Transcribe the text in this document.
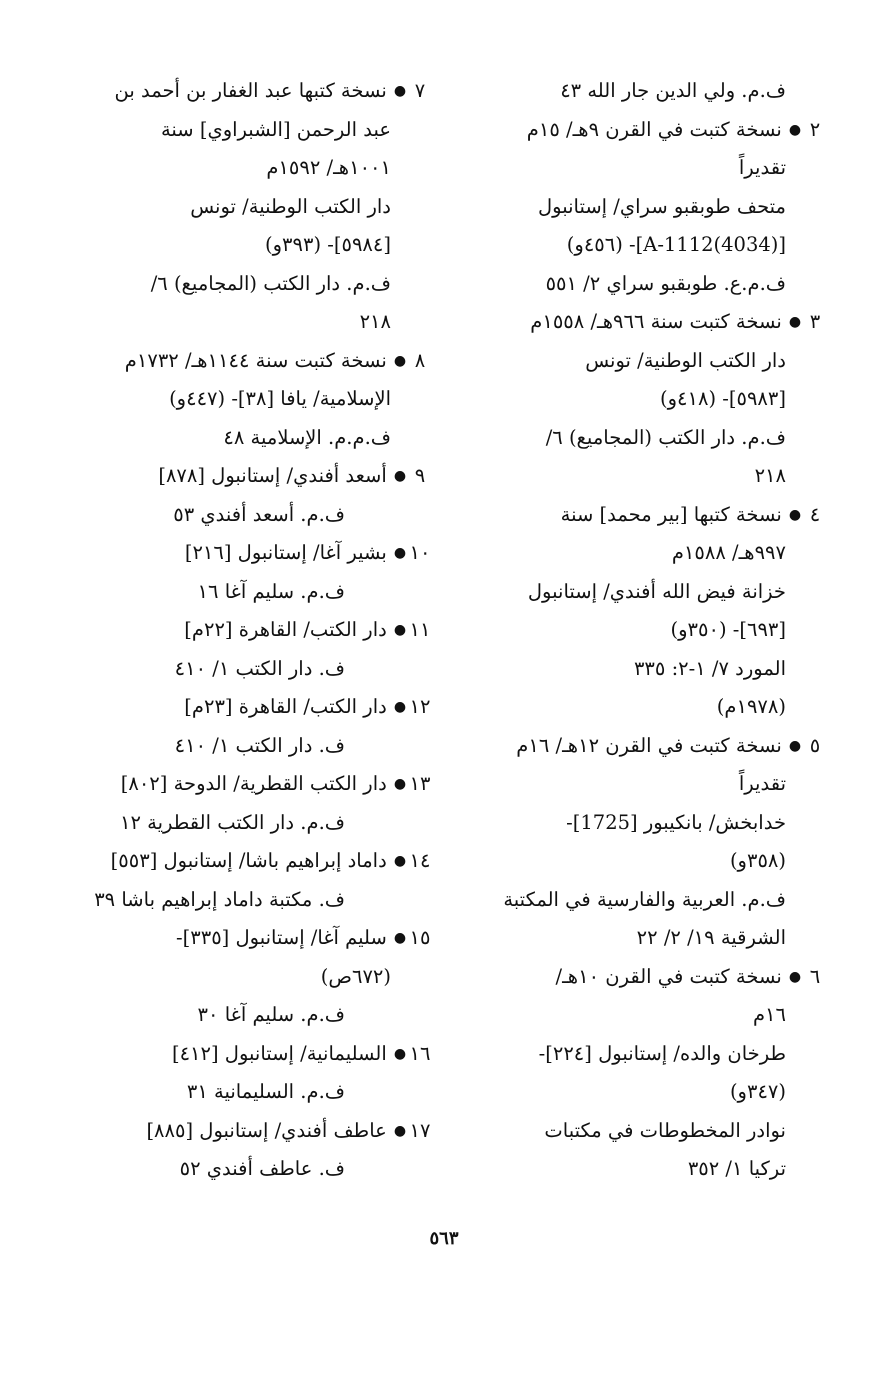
ف.م. ولي الدين جار الله ٤٣
٢
●

نسخة كتبت في القرن ٩هـ/ ١٥م
تقديراً
متحف طوبقبو سراي/ إستانبول
[A-1112(4034)]- (٤٥٦و)
ف.م.ع. طوبقبو سراي ٢/ ٥٥١
٣
●

نسخة كتبت سنة ٩٦٦هـ/ ١٥٥٨م
دار الكتب الوطنية/ تونس
[٥٩٨٣]- (٤١٨و)
ف.م. دار الكتب (المجاميع) ٦/
٢١٨
٤
●

نسخة كتبها [بير محمد] سنة
٩٩٧هـ/ ١٥٨٨م
خزانة فيض الله أفندي/ إستانبول
[٦٩٣]- (٣٥٠و)
المورد ٧/ ١-٢: ٣٣٥
(١٩٧٨م)
٥
●

نسخة كتبت في القرن ١٢هـ/ ١٦م
تقديراً
خدابخش/ بانكيبور [1725]-
(٣٥٨و)
ف.م. العربية والفارسية في المكتبة
الشرقية ١٩/ ٢/ ٢٢
٦
●

نسخة كتبت في القرن ١٠هـ/
١٦م
طرخان والده/ إستانبول [٢٢٤]-
(٣٤٧و)
نوادر المخطوطات في مكتبات
تركيا ١/ ٣٥٢
٧
●

نسخة كتبها عبد الغفار بن أحمد بن
عبد الرحمن [الشبراوي] سنة
١٠٠١هـ/ ١٥٩٢م
دار الكتب الوطنية/ تونس
[٥٩٨٤]- (٣٩٣و)
ف.م. دار الكتب (المجاميع) ٦/
٢١٨
٨
●

نسخة كتبت سنة ١١٤٤هـ/ ١٧٣٢م
الإسلامية/ يافا [٣٨]- (٤٤٧و)
ف.م.م. الإسلامية ٤٨
٩
●

أسعد أفندي/ إستانبول [٨٧٨]
ف.م. أسعد أفندي ٥٣
١٠
●

بشير آغا/ إستانبول [٢١٦]
ف.م. سليم آغا ١٦
١١
●

دار الكتب/ القاهرة [٢٢م]
ف. دار الكتب ١/ ٤١٠
١٢
●

دار الكتب/ القاهرة [٢٣م]
ف. دار الكتب ١/ ٤١٠
١٣
●

دار الكتب القطرية/ الدوحة [٨٠٢]
ف.م. دار الكتب القطرية ١٢
١٤
●

داماد إبراهيم باشا/ إستانبول [٥٥٣]
ف. مكتبة داماد إبراهيم باشا ٣٩
١٥
●

سليم آغا/ إستانبول [٣٣٥]-
(٦٧٢ص)
ف.م. سليم آغا ٣٠
١٦
●

السليمانية/ إستانبول [٤١٢]
ف.م. السليمانية ٣١
١٧
●

عاطف أفندي/ إستانبول [٨٨٥]
ف. عاطف أفندي ٥٢
٥٦٣
